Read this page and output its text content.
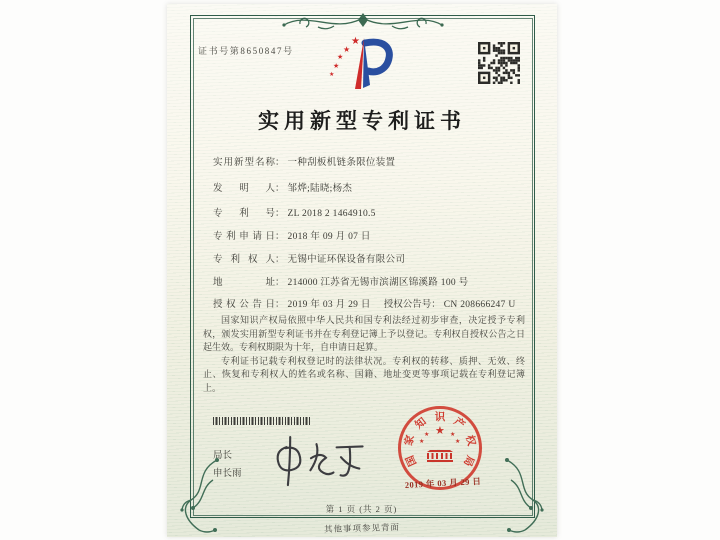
证书号第8650847号
★
★
★
★
★
实用新型专利证书
实用新型名称 ： 一种刮板机链条限位装置
发明人 ： 邹烨;陆晓;杨杰
专利号 ： ZL 2018 2 1464910.5
专利申请日 ： 2018 年 09 月 07 日
专利权人 ： 无锡中证环保设备有限公司
地址 ： 214000 江苏省无锡市滨湖区锦溪路 100 号
授权公告日 ： 2019 年 03 月 29 日 授权公告号 ： CN 208666247 U

国家知识产权局依照中华人民共和国专利法经过初步审查，决定授予专利权，颁发实用新型专利证书并在专利登记簿上予以登记。专利权自授权公告之日起生效。专利权期限为十年，自申请日起算。

专利证书记载专利权登记时的法律状况。专利权的转移、质押、无效、终止、恢复和专利权人的姓名或名称、国籍、地址变更等事项记载在专利登记簿上。

局长
申长雨
国
家
知 识 产
权
局
★
★
★
★
★
2019 年 03 月 29 日
第 1 页 (共 2 页)
其他事项参见背面
